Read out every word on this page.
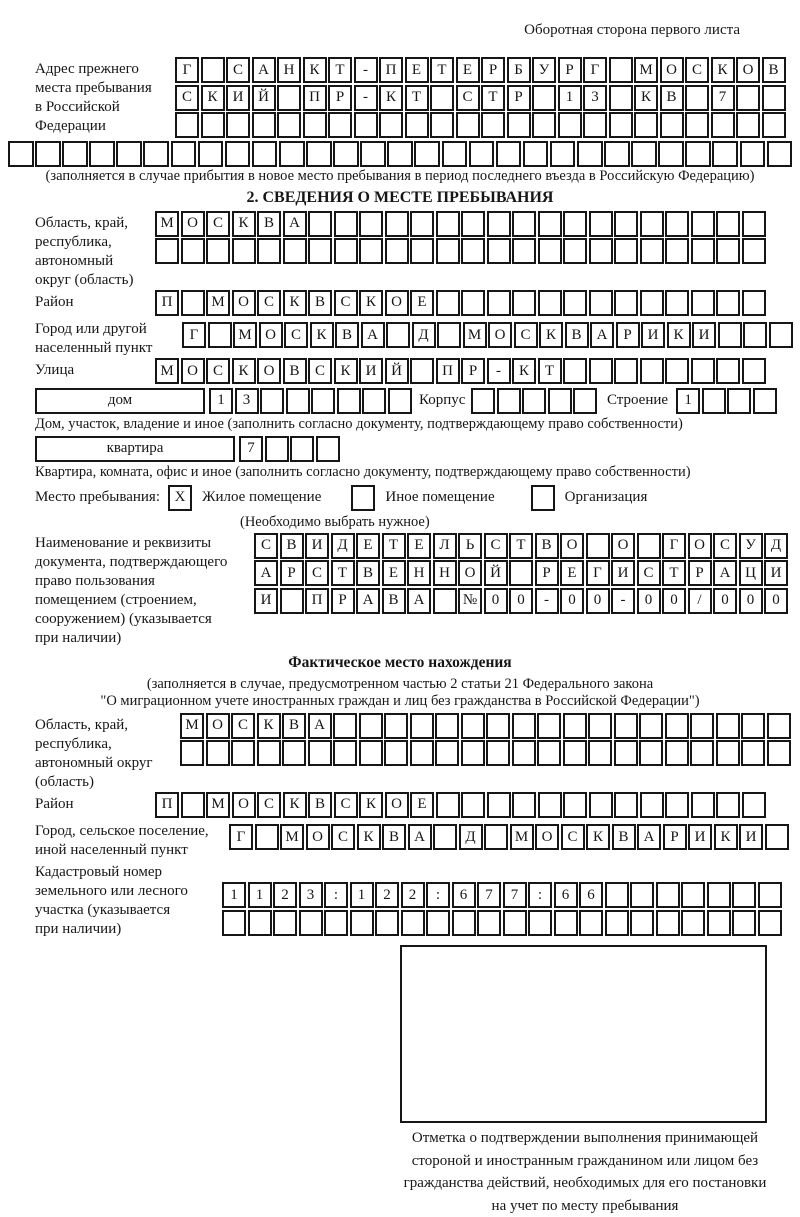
Оборотная сторона первого листа
Адрес прежнего
места пребывания
в Российской
Федерации
Г	С	А Н	К	Т	-	П	Е	Т	Е	Р	Б	У	Р	Г	М О	С	К	О	В
С	К	И Й	П	Р	-	К	Т	С	Т	Р	1	3	К	В	7
(заполняется в случае прибытия в новое место пребывания в период последнего въезда в Российскую Федерацию)
2. СВЕДЕНИЯ О МЕСТЕ ПРЕБЫВАНИЯ
Область, край,
республика,
автономный
округ (область)
М О	С	К	В	А
Район	П	М О	С	К	В	С	К	О	Е
Город или другой
населенный пункт
Г	М О	С	К	В	А	Д	М О	С	К	В	А	Р	И	К	И
Улица	М О	С	К	О	В	С	К	И Й	П	Р	-	К	Т
дом	1	3	Корпус	Строение	1
Дом, участок, владение и иное (заполнить согласно документу, подтверждающему право собственности)
квартира	7
Квартира, комната, офис и иное (заполнить согласно документу, подтверждающему право собственности)
Место пребывания: X	Жилое помещение	Иное помещение	Организация
(Необходимо выбрать нужное)
Наименование и реквизиты
документа, подтверждающего
право пользования
помещением (строением,
сооружением) (указывается
при наличии)
С	В	И Д	Е	Т	Е	Л	Ь	С	Т	В	О	О	Г	О	С	У	Д
А	Р	С	Т	В	Е	Н Н О Й	Р	Е	Г	И	С	Т	Р	А Ц И
И	П	Р	А	В	А	№ 0	0	-	0	0	-	0	0	/	0	0	0
Фактическое место нахождения
(заполняется в случае, предусмотренном частью 2 статьи 21 Федерального закона
"О миграционном учете иностранных граждан и лиц без гражданства в Российской Федерации")
Область, край,
республика,
автономный округ
(область)
М О	С	К	В	А
Район	П	М О	С	К	В	С	К	О	Е
Город, сельское поселение,
иной населенный пункт
Г	М О	С	К	В	А	Д	М О	С	К	В	А	Р	И	К	И
Кадастровый номер
земельного или лесного
участка (указывается
при наличии)
1	1	2	3	:	1	2	2	:	6	7	7	:	6	6
Отметка о подтверждении выполнения принимающей
стороной и иностранным гражданином или лицом без
гражданства действий, необходимых для его постановки
на учет по месту пребывания
